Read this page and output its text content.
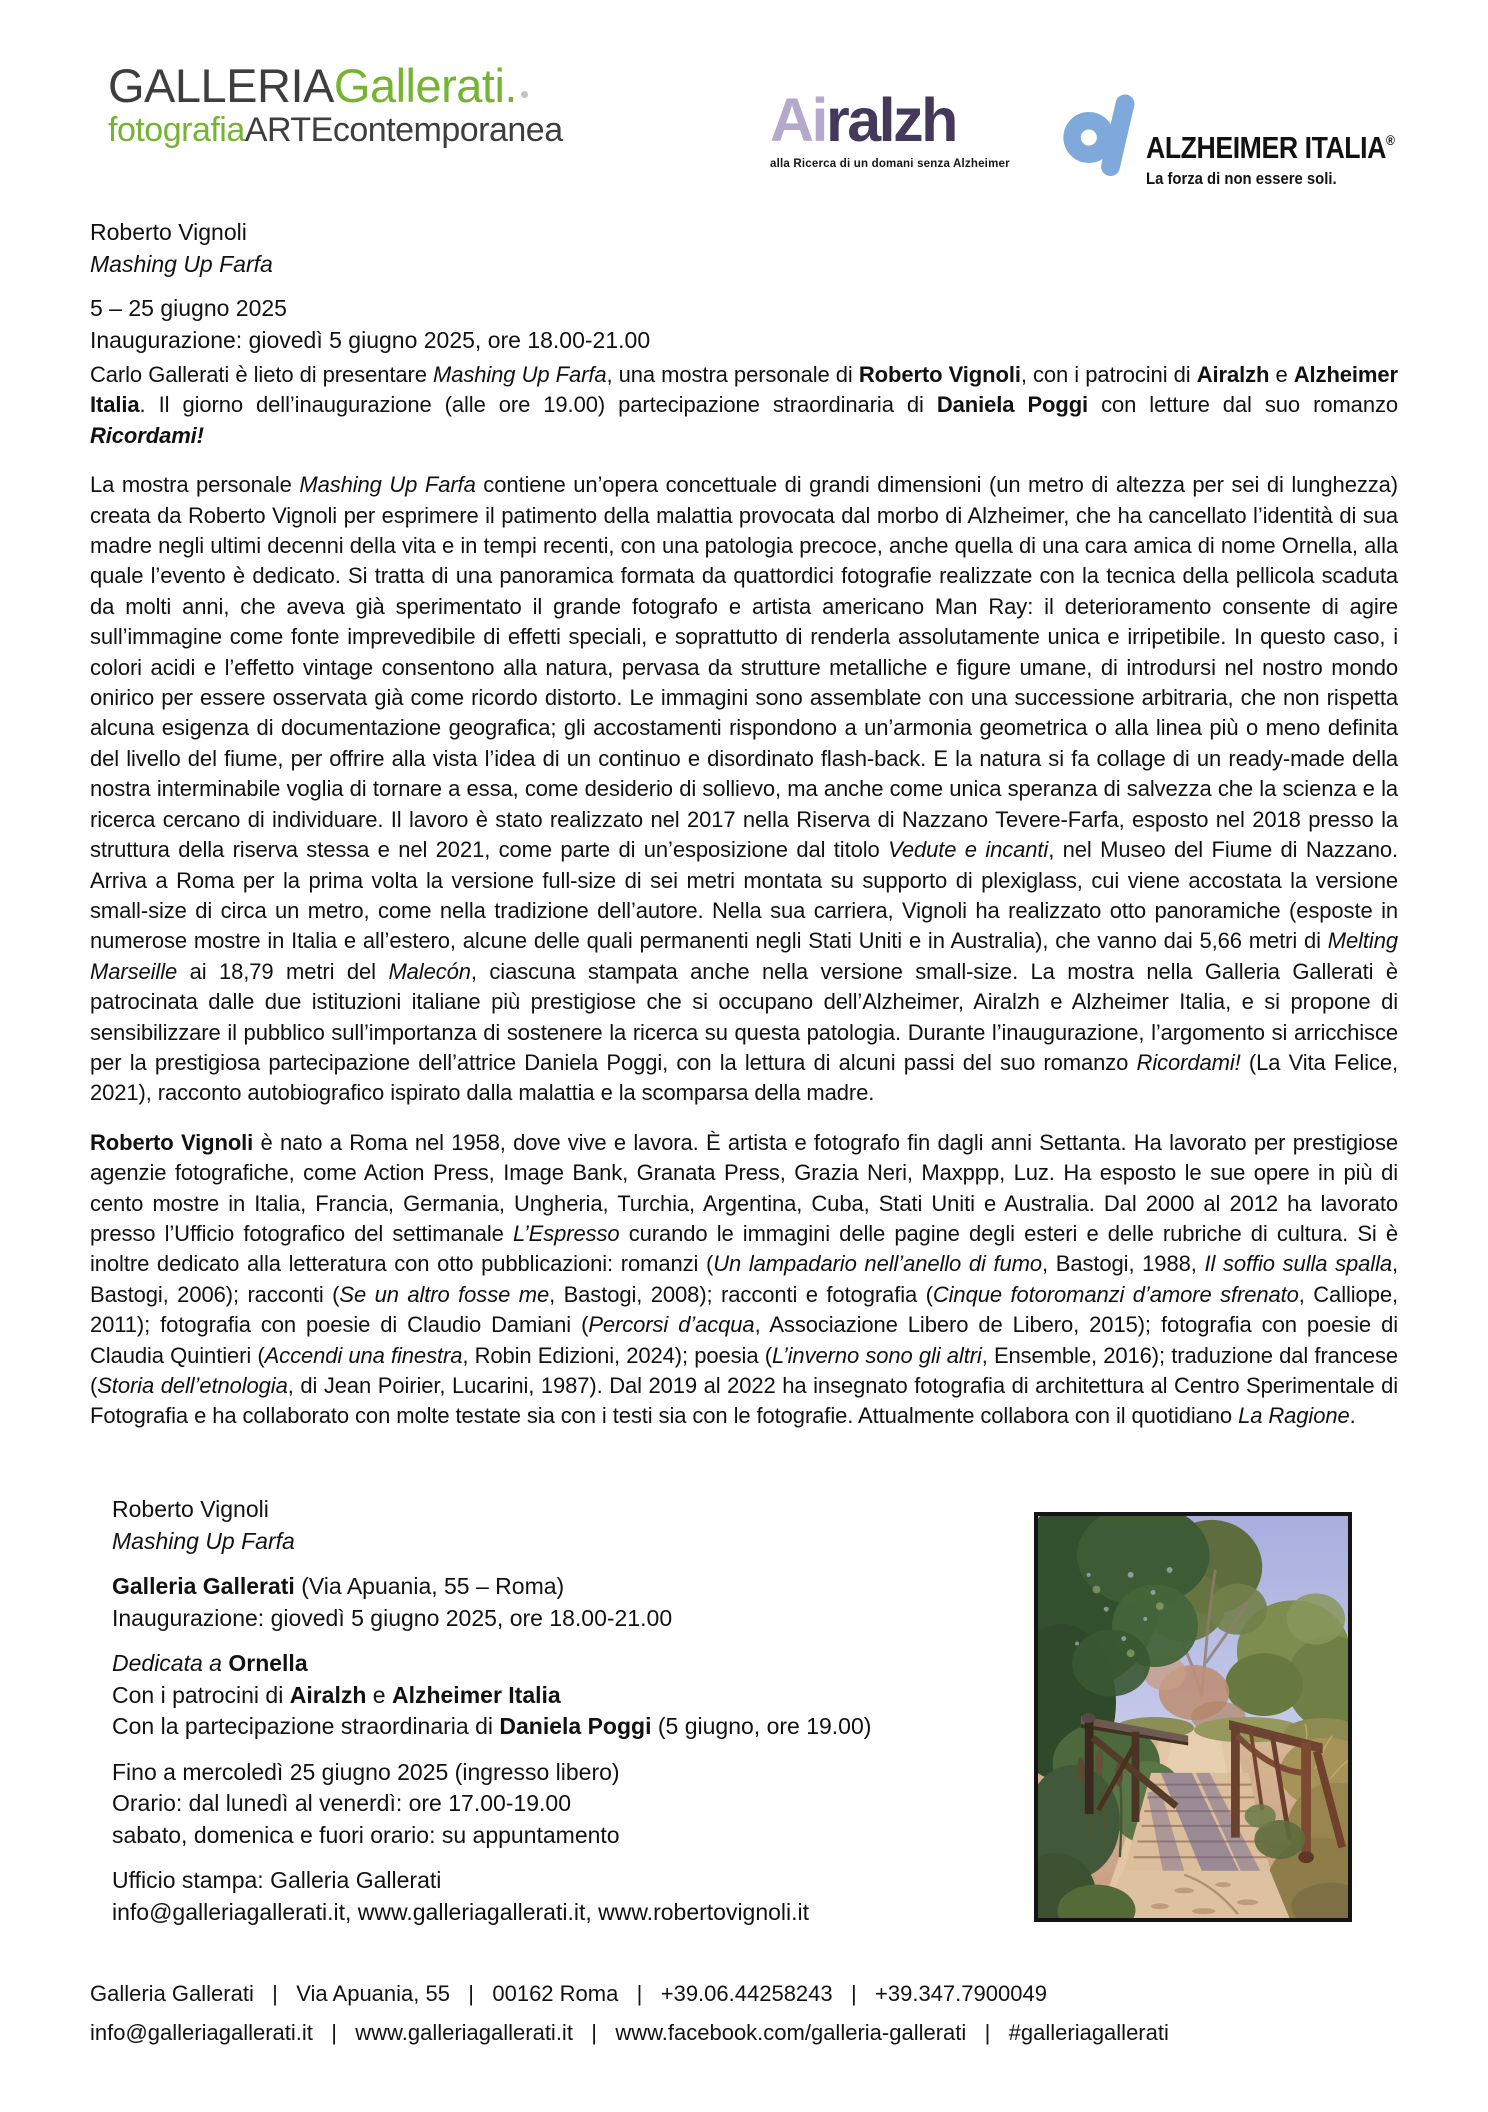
GALLERIAGallerati.
fotografiaARTEcontemporanea	Airalzh
alla Ricerca di un domani senza Alzheimer	ALZHEIMER ITALIA®
La forza di non essere soli.
Roberto Vignoli
Mashing Up Farfa
5 – 25 giugno 2025
Inaugurazione: giovedì 5 giugno 2025, ore 18.00-21.00

Carlo Gallerati è lieto di presentare Mashing Up Farfa, una mostra personale di Roberto Vignoli, con i patrocini di Airalzh e Alzheimer Italia. Il giorno dell’inaugurazione (alle ore 19.00) partecipazione straordinaria di Daniela Poggi con letture dal suo romanzo Ricordami!

La mostra personale Mashing Up Farfa contiene un’opera concettuale di grandi dimensioni (un metro di altezza per sei di lunghezza) creata da Roberto Vignoli per esprimere il patimento della malattia provocata dal morbo di Alzheimer, che ha cancellato l’identità di sua madre negli ultimi decenni della vita e in tempi recenti, con una patologia precoce, anche quella di una cara amica di nome Ornella, alla quale l’evento è dedicato. Si tratta di una panoramica formata da quattordici fotografie realizzate con la tecnica della pellicola scaduta da molti anni, che aveva già sperimentato il grande fotografo e artista americano Man Ray: il deterioramento consente di agire sull’immagine come fonte imprevedibile di effetti speciali, e soprattutto di renderla assolutamente unica e irripetibile. In questo caso, i colori acidi e l’effetto vintage consentono alla natura, pervasa da strutture metalliche e figure umane, di introdursi nel nostro mondo onirico per essere osservata già come ricordo distorto. Le immagini sono assemblate con una successione arbitraria, che non rispetta alcuna esigenza di documentazione geografica; gli accostamenti rispondono a un’armonia geometrica o alla linea più o meno definita del livello del fiume, per offrire alla vista l’idea di un continuo e disordinato flash-back. E la natura si fa collage di un ready-made della nostra interminabile voglia di tornare a essa, come desiderio di sollievo, ma anche come unica speranza di salvezza che la scienza e la ricerca cercano di individuare. Il lavoro è stato realizzato nel 2017 nella Riserva di Nazzano Tevere-Farfa, esposto nel 2018 presso la struttura della riserva stessa e nel 2021, come parte di un’esposizione dal titolo Vedute e incanti, nel Museo del Fiume di Nazzano. Arriva a Roma per la prima volta la versione full-size di sei metri montata su supporto di plexiglass, cui viene accostata la versione small-size di circa un metro, come nella tradizione dell’autore. Nella sua carriera, Vignoli ha realizzato otto panoramiche (esposte in numerose mostre in Italia e all’estero, alcune delle quali permanenti negli Stati Uniti e in Australia), che vanno dai 5,66 metri di Melting Marseille ai 18,79 metri del Malecón, ciascuna stampata anche nella versione small-size. La mostra nella Galleria Gallerati è patrocinata dalle due istituzioni italiane più prestigiose che si occupano dell’Alzheimer, Airalzh e Alzheimer Italia, e si propone di sensibilizzare il pubblico sull’importanza di sostenere la ricerca su questa patologia. Durante l’inaugurazione, l’argomento si arricchisce per la prestigiosa partecipazione dell’attrice Daniela Poggi, con la lettura di alcuni passi del suo romanzo Ricordami! (La Vita Felice, 2021), racconto autobiografico ispirato dalla malattia e la scomparsa della madre.

Roberto Vignoli è nato a Roma nel 1958, dove vive e lavora. È artista e fotografo fin dagli anni Settanta. Ha lavorato per prestigiose agenzie fotografiche, come Action Press, Image Bank, Granata Press, Grazia Neri, Maxppp, Luz. Ha esposto le sue opere in più di cento mostre in Italia, Francia, Germania, Ungheria, Turchia, Argentina, Cuba, Stati Uniti e Australia. Dal 2000 al 2012 ha lavorato presso l’Ufficio fotografico del settimanale L’Espresso curando le immagini delle pagine degli esteri e delle rubriche di cultura. Si è inoltre dedicato alla letteratura con otto pubblicazioni: romanzi (Un lampadario nell’anello di fumo, Bastogi, 1988, Il soffio sulla spalla, Bastogi, 2006); racconti (Se un altro fosse me, Bastogi, 2008); racconti e fotografia (Cinque fotoromanzi d’amore sfrenato, Calliope, 2011); fotografia con poesie di Claudio Damiani (Percorsi d’acqua, Associazione Libero de Libero, 2015); fotografia con poesie di Claudia Quintieri (Accendi una finestra, Robin Edizioni, 2024); poesia (L’inverno sono gli altri, Ensemble, 2016); traduzione dal francese (Storia dell’etnologia, di Jean Poirier, Lucarini, 1987). Dal 2019 al 2022 ha insegnato fotografia di architettura al Centro Sperimentale di Fotografia e ha collaborato con molte testate sia con i testi sia con le fotografie. Attualmente collabora con il quotidiano La Ragione.

Roberto Vignoli
Mashing Up Farfa
Galleria Gallerati (Via Apuania, 55 – Roma)
Inaugurazione: giovedì 5 giugno 2025, ore 18.00-21.00
Dedicata a Ornella
Con i patrocini di Airalzh e Alzheimer Italia
Con la partecipazione straordinaria di Daniela Poggi (5 giugno, ore 19.00)
Fino a mercoledì 25 giugno 2025 (ingresso libero)
Orario: dal lunedì al venerdì: ore 17.00-19.00
sabato, domenica e fuori orario: su appuntamento
Ufficio stampa: Galleria Gallerati
info@galleriagallerati.it, www.galleriagallerati.it, www.robertovignoli.it
Galleria Gallerati   |   Via Apuania, 55   |   00162 Roma   |   +39.06.44258243   |   +39.347.7900049
info@galleriagallerati.it   |   www.galleriagallerati.it   |   www.facebook.com/galleria-gallerati   |   #galleriagallerati
